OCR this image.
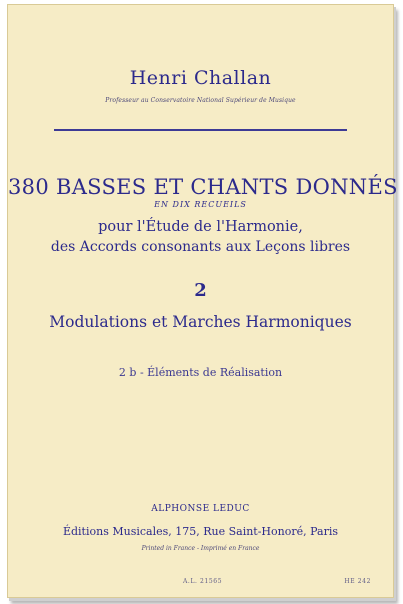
Henri Challan
Professeur au Conservatoire National Supérieur de Musique
380 BASSES ET CHANTS DONNÉS
EN DIX RECUEILS
pour l'Étude de l'Harmonie,
des Accords consonants aux Leçons libres
2
Modulations et Marches Harmoniques
2 b - Éléments de Réalisation
ALPHONSE LEDUC
Éditions Musicales, 175, Rue Saint-Honoré, Paris
Printed in France - Imprimé en France
A.L. 21565	HE 242
